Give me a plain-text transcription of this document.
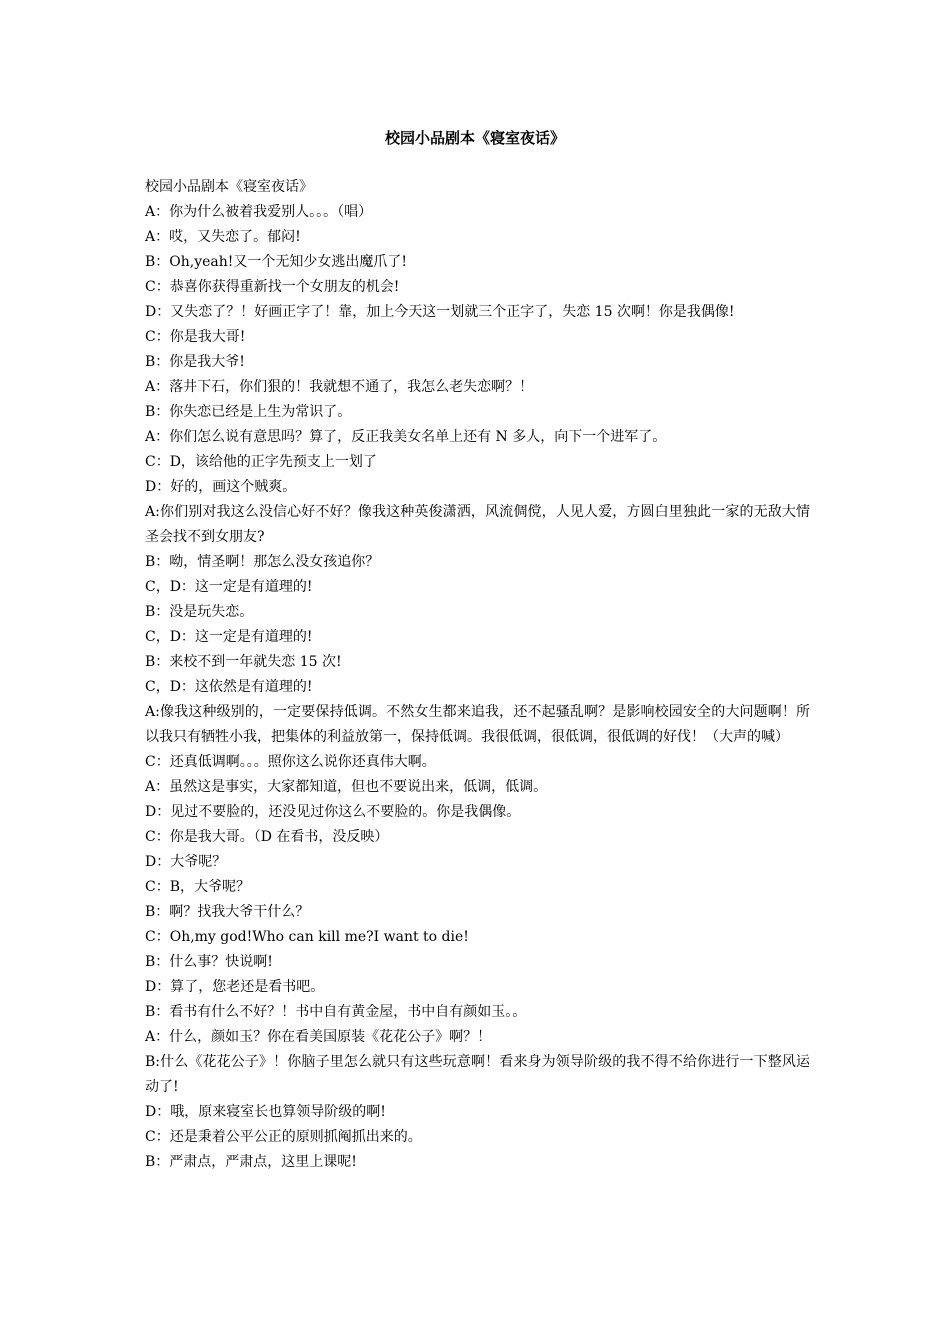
校园小品剧本《寝室夜话》

校园小品剧本《寝室夜话》

A：你为什么被着我爱别人。。。（唱）

A：哎，又失恋了。郁闷!

B：Oh,yeah!又一个无知少女逃出魔爪了!

C：恭喜你获得重新找一个女朋友的机会!

D：又失恋了？！好画正字了！靠，加上今天这一划就三个正字了，失恋 15 次啊！你是我偶像!

C：你是我大哥!

B：你是我大爷!

A：落井下石，你们狠的！我就想不通了，我怎么老失恋啊？！

B：你失恋已经是上生为常识了。

A：你们怎么说有意思吗？算了，反正我美女名单上还有 N 多人，向下一个进军了。

C：D，该给他的正字先预支上一划了

D：好的，画这个贼爽。

A:你们别对我这么没信心好不好？像我这种英俊潇洒，风流倜傥，人见人爱，方圆白里独此一家的无敌大情圣会找不到女朋友?

B：呦，情圣啊！那怎么没女孩追你？

C，D：这一定是有道理的!

B：没是玩失恋。

C，D：这一定是有道理的!

B：来校不到一年就失恋 15 次!

C，D：这依然是有道理的!

A:像我这种级别的，一定要保持低调。不然女生都来追我，还不起骚乱啊？是影响校园安全的大问题啊！所以我只有牺牲小我，把集体的利益放第一，保持低调。我很低调，很低调，很低调的好伐！（大声的喊）

C：还真低调啊。。。照你这么说你还真伟大啊。

A：虽然这是事实，大家都知道，但也不要说出来，低调，低调。

D：见过不要脸的，还没见过你这么不要脸的。你是我偶像。

C：你是我大哥。（D 在看书，没反映）

D：大爷呢？

C：B，大爷呢？

B：啊？找我大爷干什么？

C：Oh,my god!Who can kill me?I want to die!

B：什么事？快说啊!

D：算了，您老还是看书吧。

B：看书有什么不好？！书中自有黄金屋，书中自有颜如玉。。

A：什么，颜如玉？你在看美国原装《花花公子》啊？！

B:什么《花花公子》！你脑子里怎么就只有这些玩意啊！看来身为领导阶级的我不得不给你进行一下整风运动了!

D：哦，原来寝室长也算领导阶级的啊!

C：还是秉着公平公正的原则抓阄抓出来的。

B：严肃点，严肃点，这里上课呢!
